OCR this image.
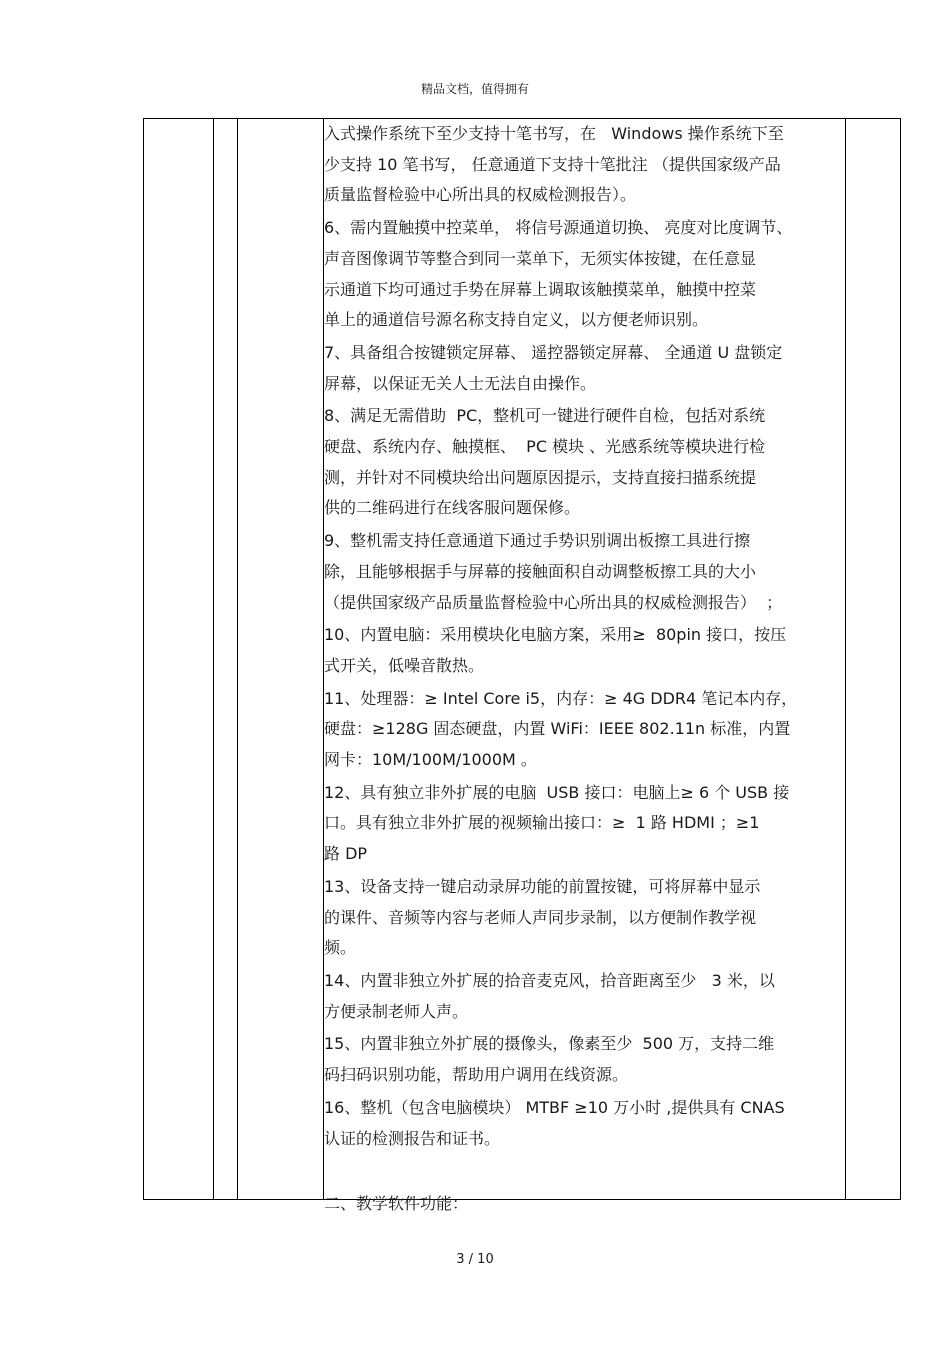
精品文档，值得拥有

入式操作系统下至少支持十笔书写，在   Windows 操作系统下至

少支持 10 笔书写， 任意通道下支持十笔批注 （提供国家级产品

质量监督检验中心所出具的权威检测报告）。

6、需内置触摸中控菜单， 将信号源通道切换、 亮度对比度调节、

声音图像调节等整合到同一菜单下，无须实体按键，在任意显

示通道下均可通过手势在屏幕上调取该触摸菜单，触摸中控菜

单上的通道信号源名称支持自定义，以方便老师识别。

7、具备组合按键锁定屏幕、 遥控器锁定屏幕、 全通道 U 盘锁定

屏幕，以保证无关人士无法自由操作。

8、满足无需借助  PC，整机可一键进行硬件自检，包括对系统

硬盘、系统内存、触摸框、  PC 模块 、光感系统等模块进行检

测，并针对不同模块给出问题原因提示，支持直接扫描系统提

供的二维码进行在线客服问题保修。

9、整机需支持任意通道下通过手势识别调出板擦工具进行擦

除，且能够根据手与屏幕的接触面积自动调整板擦工具的大小

（提供国家级产品质量监督检验中心所出具的权威检测报告）  ；

10、内置电脑：采用模块化电脑方案，采用≥  80pin 接口，按压

式开关，低噪音散热。

11、处理器：≥ Intel Core i5，内存：≥ 4G DDR4 笔记本内存，

硬盘：≥128G 固态硬盘，内置 WiFi：IEEE 802.11n 标准，内置

网卡：10M/100M/1000M 。

12、具有独立非外扩展的电脑  USB 接口：电脑上≥ 6 个 USB 接

口。具有独立非外扩展的视频输出接口：≥  1 路 HDMI ；≥1

路 DP

13、设备支持一键启动录屏功能的前置按键，可将屏幕中显示

的课件、音频等内容与老师人声同步录制，以方便制作教学视

频。

14、内置非独立外扩展的拾音麦克风，拾音距离至少   3 米，以

方便录制老师人声。

15、内置非独立外扩展的摄像头，像素至少  500 万，支持二维

码扫码识别功能，帮助用户调用在线资源。

16、整机（包含电脑模块） MTBF ≥10 万小时 ,提供具有 CNAS

认证的检测报告和证书。

二、教学软件功能：

3 / 10
